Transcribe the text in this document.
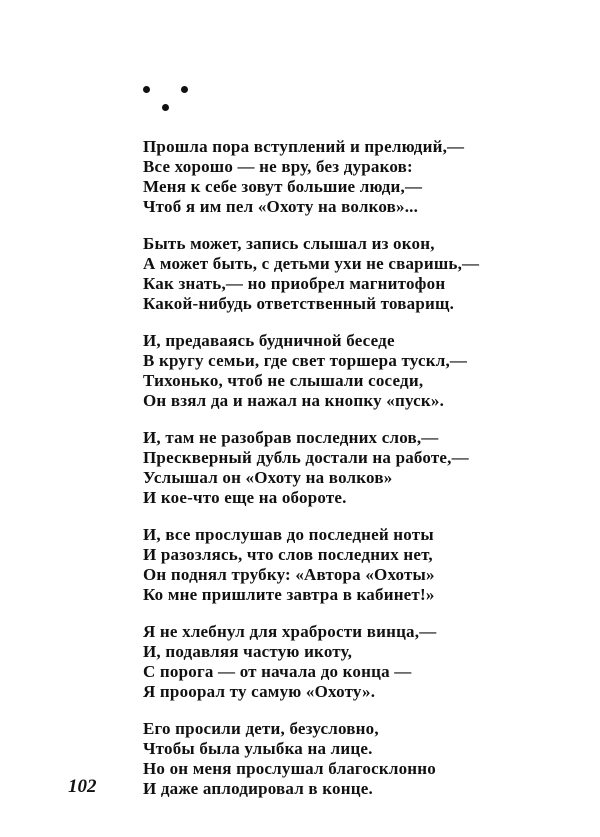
Прошла пора вступлений и прелюдий,—
Все хорошо — не вру, без дураков:
Меня к себе зовут большие люди,—
Чтоб я им пел «Охоту на волков»...
Быть может, запись слышал из окон,
А может быть, с детьми ухи не сваришь,—
Как знать,— но приобрел магнитофон
Какой-нибудь ответственный товарищ.
И, предаваясь будничной беседе
В кругу семьи, где свет торшера тускл,—
Тихонько, чтоб не слышали соседи,
Он взял да и нажал на кнопку «пуск».
И, там не разобрав последних слов,—
Прескверный дубль достали на работе,—
Услышал он «Охоту на волков»
И кое-что еще на обороте.
И, все прослушав до последней ноты
И разозлясь, что слов последних нет,
Он поднял трубку: «Автора «Охоты»
Ко мне пришлите завтра в кабинет!»
Я не хлебнул для храбрости винца,—
И, подавляя частую икоту,
С порога — от начала до конца —
Я проорал ту самую «Охоту».
Его просили дети, безусловно,
Чтобы была улыбка на лице.
Но он меня прослушал благосклонно
И даже аплодировал в конце.
102
